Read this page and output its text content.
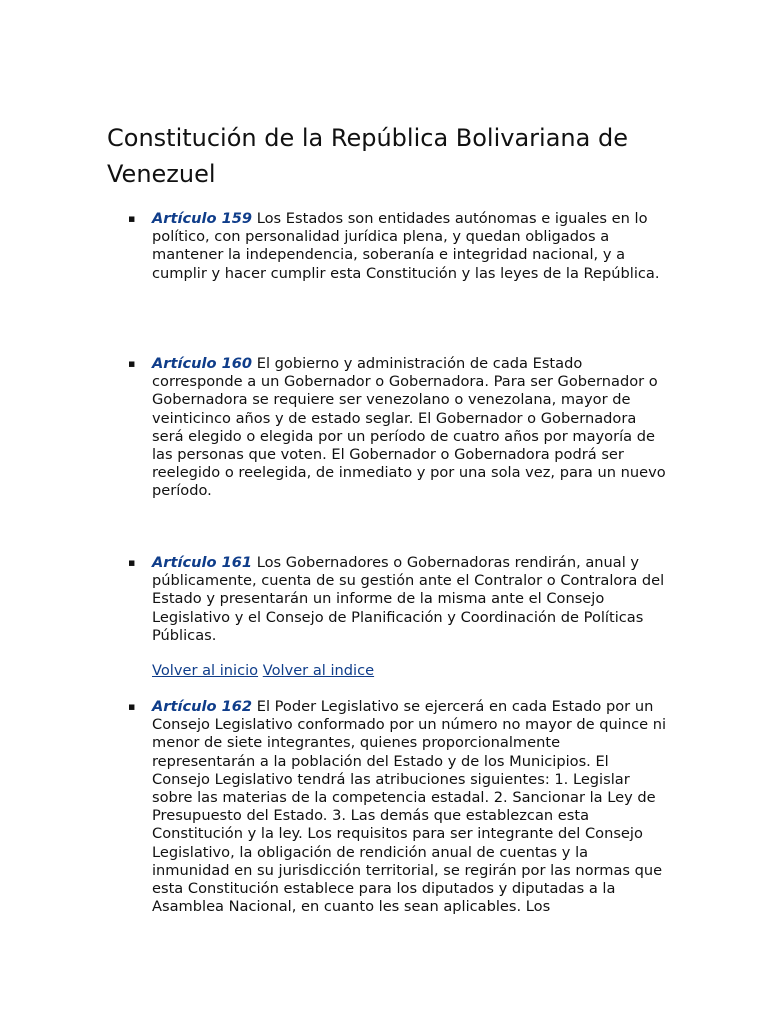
Constitución de la República Bolivariana de Venezuel
▪ Artículo 159 Los Estados son entidades autónomas e iguales en lo político, con personalidad jurídica plena, y quedan obligados a mantener la independencia, soberanía e integridad nacional, y a cumplir y hacer cumplir esta Constitución y las leyes de la República.
▪ Artículo 160 El gobierno y administración de cada Estado corresponde a un Gobernador o Gobernadora. Para ser Gobernador o Gobernadora se requiere ser venezolano o venezolana, mayor de veinticinco años y de estado seglar. El Gobernador o Gobernadora será elegido o elegida por un período de cuatro años por mayoría de las personas que voten. El Gobernador o Gobernadora podrá ser reelegido o reelegida, de inmediato y por una sola vez, para un nuevo período.
▪ Artículo 161 Los Gobernadores o Gobernadoras rendirán, anual y públicamente, cuenta de su gestión ante el Contralor o Contralora del Estado y presentarán un informe de la misma ante el Consejo Legislativo y el Consejo de Planificación y Coordinación de Políticas Públicas.
Volver al inicio Volver al indice
▪ Artículo 162 El Poder Legislativo se ejercerá en cada Estado por un Consejo Legislativo conformado por un número no mayor de quince ni menor de siete integrantes, quienes proporcionalmente representarán a la población del Estado y de los Municipios. El Consejo Legislativo tendrá las atribuciones siguientes: 1. Legislar sobre las materias de la competencia estadal. 2. Sancionar la Ley de Presupuesto del Estado. 3. Las demás que establezcan esta Constitución y la ley. Los requisitos para ser integrante del Consejo Legislativo, la obligación de rendición anual de cuentas y la inmunidad en su jurisdicción territorial, se regirán por las normas que esta Constitución establece para los diputados y diputadas a la Asamblea Nacional, en cuanto les sean aplicables. Los
